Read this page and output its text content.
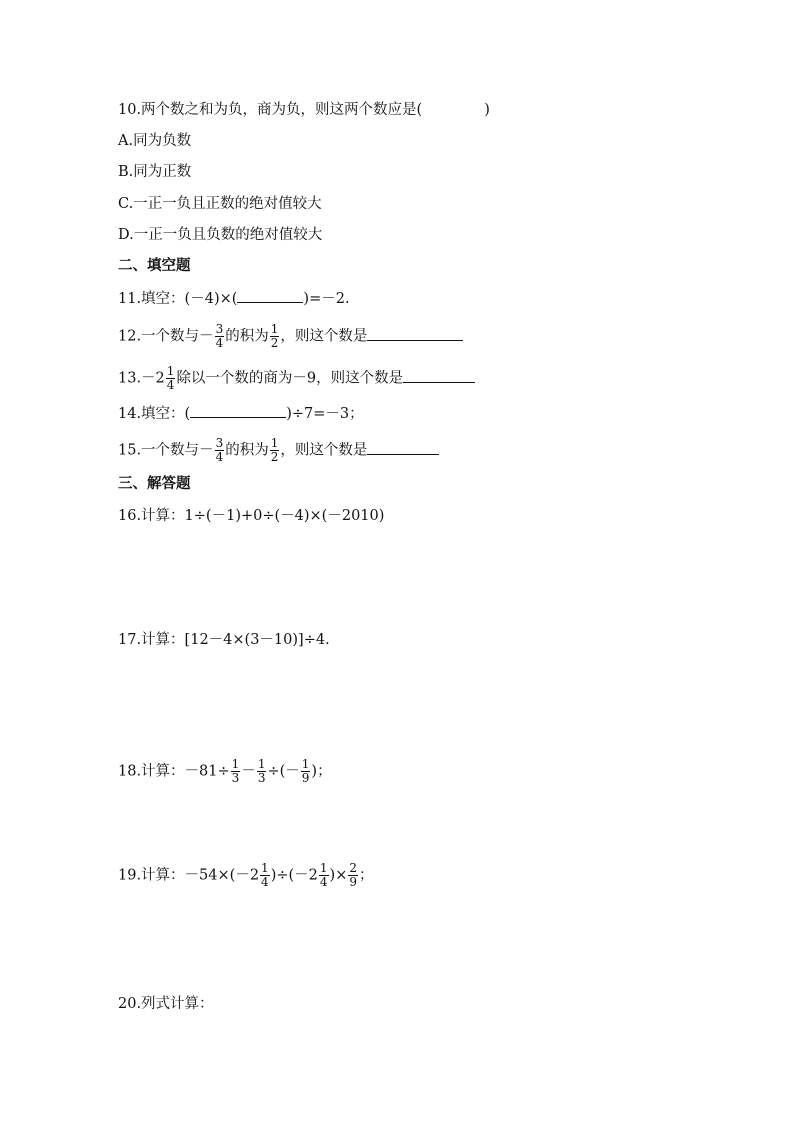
10.两个数之和为负，商为负，则这两个数应是(	)
A.同为负数
B.同为正数
C.一正一负且正数的绝对值较大
D.一正一负且负数的绝对值较大
二、填空题
11.填空：(－4)×(	)=－2.
12.一个数与－ $\frac{3}{4}$ 的积为 $\frac{1}{2}$ ，则这个数是
$13.-2 \frac{1}{4}$ 除以一个数的商为－9，则这个数是
14.填空：(	)÷7=－3；
15.一个数与－ $\frac{3}{4}$ 的积为 $\frac{1}{2}$ ，则这个数是
三、解答题
16.计算：1÷(－1)+0÷(－4)×(－2010)
17.计算：[12－4×(3－10)]÷4.
18.计算：$-81\div \frac{1}{3} - \frac{1}{3}$ ÷(－ $\frac{1}{9}$ )；
19.计算：$-54\times(-2 \frac{1}{4} )\div(-2 \frac{1}{4}$ )× $\frac{2}{9}$ ；
20.列式计算：
